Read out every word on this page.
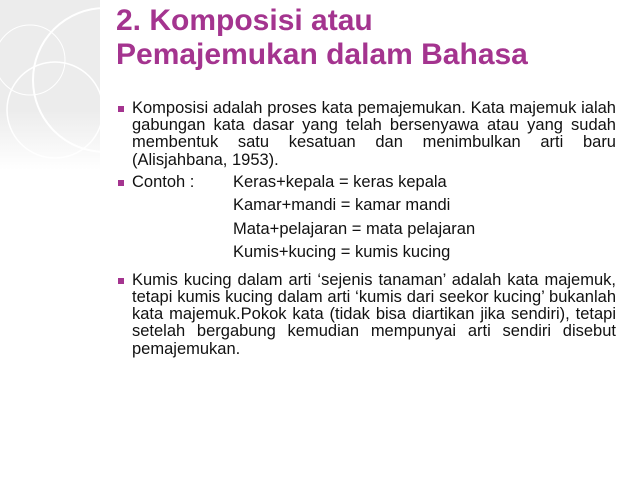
2. Komposisi atau
Pemajemukan dalam Bahasa
Komposisi adalah proses kata pemajemukan. Kata majemuk ialah gabungan kata dasar yang telah bersenyawa atau yang sudah membentuk satu kesatuan dan menimbulkan arti baru (Alisjahbana, 1953).
Contoh :	Keras+kepala = keras kepala
Kamar+mandi = kamar mandi
Mata+pelajaran = mata pelajaran
Kumis+kucing = kumis kucing
Kumis kucing dalam arti ‘sejenis tanaman’ adalah kata majemuk, tetapi kumis kucing dalam arti ‘kumis dari seekor kucing’ bukanlah kata majemuk.Pokok kata (tidak bisa diartikan jika sendiri), tetapi setelah bergabung kemudian mempunyai arti sendiri disebut pemajemukan.
